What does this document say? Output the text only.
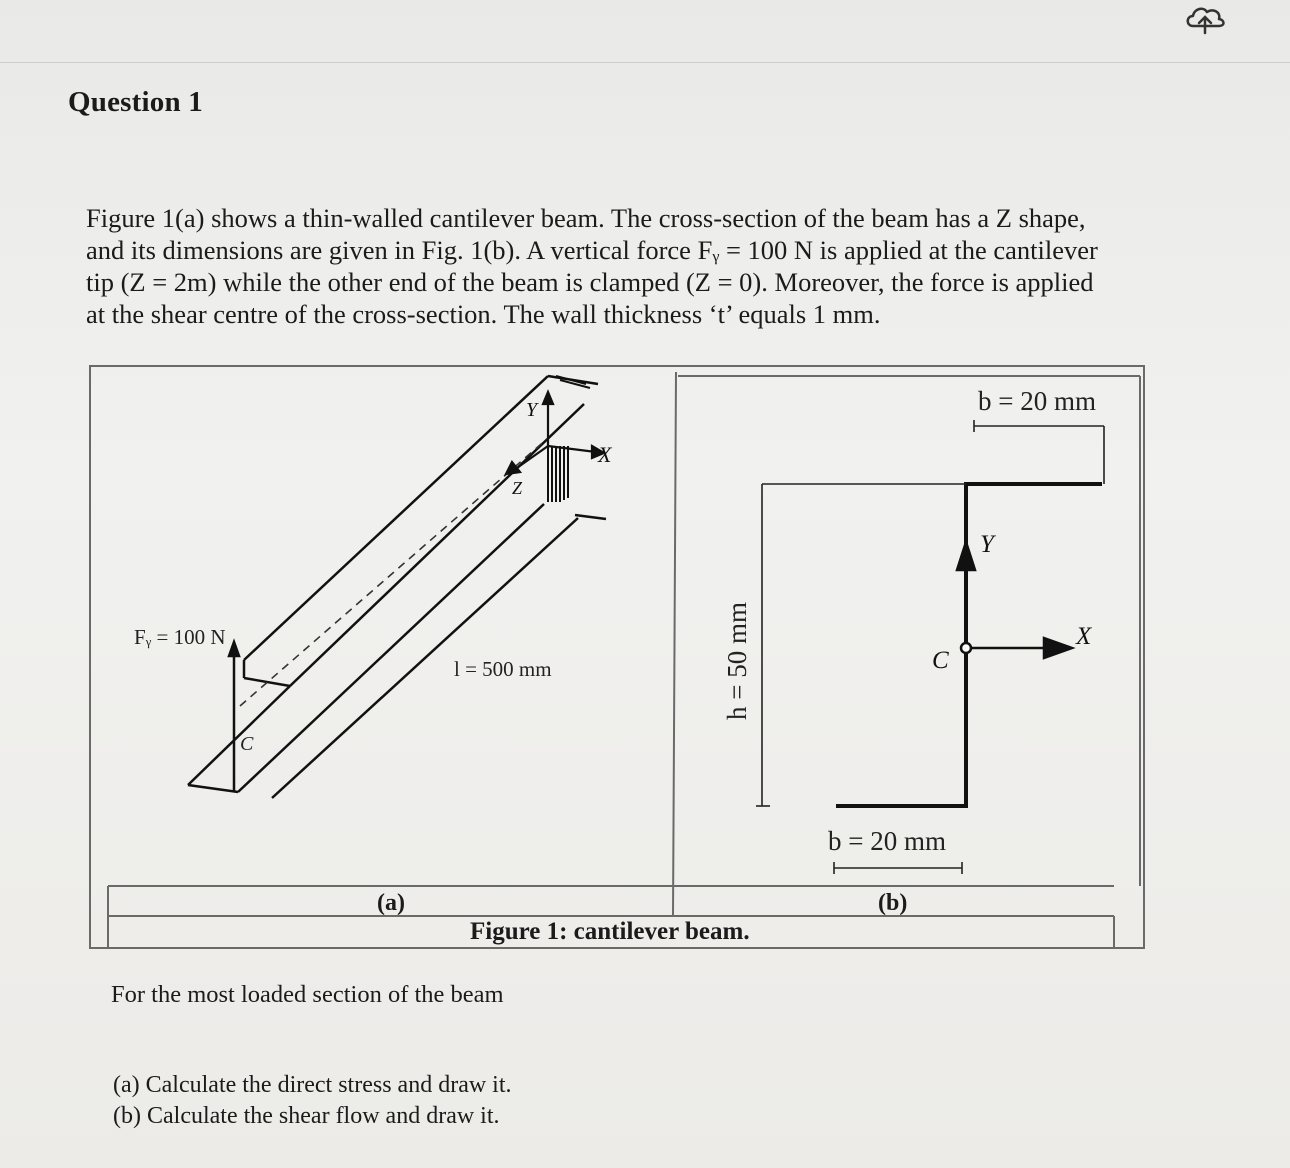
Question 1

Figure 1(a) shows a thin-walled cantilever beam. The cross-section of the beam has a Z shape,

and its dimensions are given in Fig. 1(b). A vertical force Fᵧ = 100 N is applied at the cantilever

tip (Z = 2m) while the other end of the beam is clamped (Z = 0). Moreover, the force is applied

at the shear centre of the cross-section. The wall thickness ‘t’ equals 1 mm.

Y
X
Z
Fᵧ = 100 N
l = 500 mm
C
b = 20 mm
h = 50 mm
b = 20 mm
Y
X
C
(a)	(b)
Figure 1: cantilever beam.
For the most loaded section of the beam
(a) Calculate the direct stress and draw it.
(b) Calculate the shear flow and draw it.
